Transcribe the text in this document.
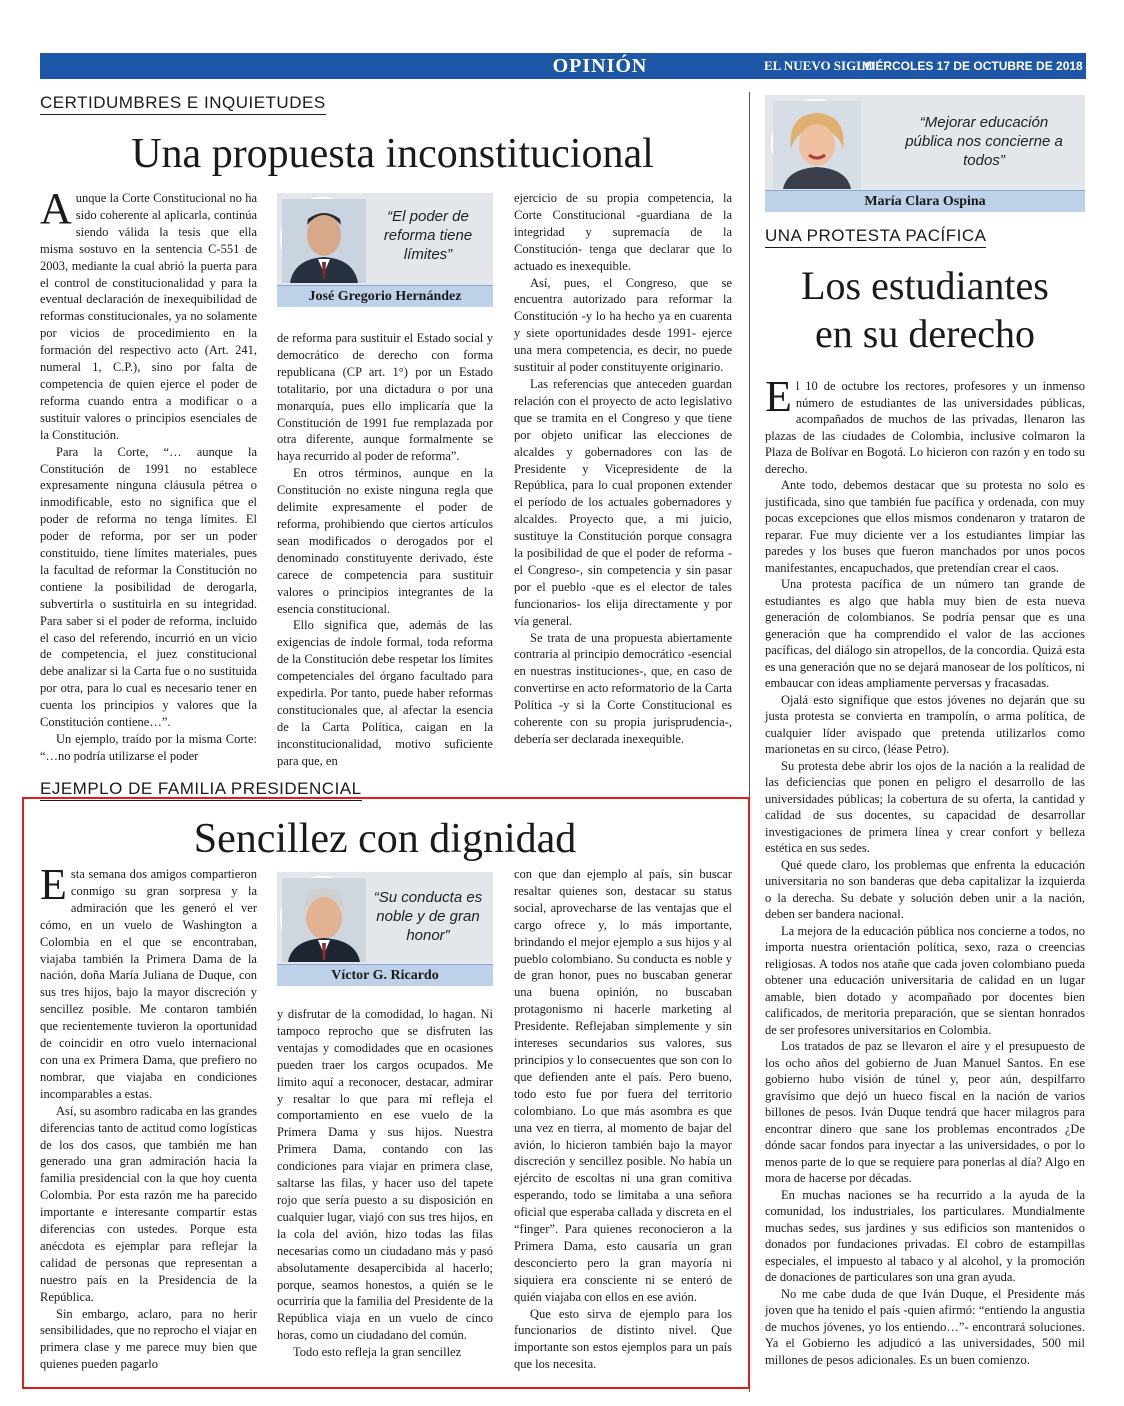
OPINIÓN	EL NUEVO SIGLO
MIÉRCOLES 17 DE OCTUBRE DE 2018 9A
CERTIDUMBRES E INQUIETUDES
Una propuesta inconstitucional

Aunque la Corte Constitucional no ha sido coherente al aplicarla, continúa siendo válida la tesis que ella misma sostuvo en la sentencia C-551 de 2003, mediante la cual abrió la puerta para el control de constitucionalidad y para la eventual declaración de inexequibilidad de reformas constitucionales, ya no solamente por vicios de procedimiento en la formación del respectivo acto (Art. 241, numeral 1, C.P.), sino por falta de competencia de quien ejerce el poder de reforma cuando entra a modificar o a sustituir valores o principios esenciales de la Constitución.

Para la Corte, “… aunque la Constitución de 1991 no establece expresamente ninguna cláusula pétrea o inmodificable, esto no significa que el poder de reforma no tenga límites. El poder de reforma, por ser un poder constituido, tiene límites materiales, pues la facultad de reformar la Constitución no contiene la posibilidad de derogarla, subvertirla o sustituirla en su integridad. Para saber si el poder de reforma, incluido el caso del referendo, incurrió en un vicio de competencia, el juez constitucional debe analizar si la Carta fue o no sustituida por otra, para lo cual es necesario tener en cuenta los principios y valores que la Constitución contiene…”.

Un ejemplo, traído por la misma Corte: “…no podría utilizarse el poder

“El poder de reforma tiene límites”
José Gregorio Hernández

de reforma para sustituir el Estado social y democrático de derecho con forma republicana (CP art. 1°) por un Estado totalitario, por una dictadura o por una monarquía, pues ello implicaría que la Constitución de 1991 fue remplazada por otra diferente, aunque formalmente se haya recurrido al poder de reforma”.

En otros términos, aunque en la Constitución no existe ninguna regla que delimite expresamente el poder de reforma, prohibiendo que ciertos artículos sean modificados o derogados por el denominado constituyente derivado, éste carece de competencia para sustituir valores o principios integrantes de la esencia constitucional.

Ello significa que, además de las exigencias de índole formal, toda reforma de la Constitución debe respetar los límites competenciales del órgano facultado para expedirla. Por tanto, puede haber reformas constitucionales que, al afectar la esencia de la Carta Política, caigan en la inconstitucionalidad, motivo suficiente para que, en

ejercicio de su propia competencia, la Corte Constitucional -guardiana de la integridad y supremacía de la Constitución- tenga que declarar que lo actuado es inexequible.

Así, pues, el Congreso, que se encuentra autorizado para reformar la Constitución -y lo ha hecho ya en cuarenta y siete oportunidades desde 1991- ejerce una mera competencia, es decir, no puede sustituir al poder constituyente originario.

Las referencias que anteceden guardan relación con el proyecto de acto legislativo que se tramita en el Congreso y que tiene por objeto unificar las elecciones de alcaldes y gobernadores con las de Presidente y Vicepresidente de la República, para lo cual proponen extender el período de los actuales gobernadores y alcaldes. Proyecto que, a mi juicio, sustituye la Constitución porque consagra la posibilidad de que el poder de reforma -el Congreso-, sin competencia y sin pasar por el pueblo -que es el elector de tales funcionarios- los elija directamente y por vía general.

Se trata de una propuesta abiertamente contraria al principio democrático -esencial en nuestras instituciones-, que, en caso de convertirse en acto reformatorio de la Carta Política -y si la Corte Constitucional es coherente con su propia jurisprudencia-, debería ser declarada inexequible.

“Mejorar educación pública nos concierne a todos”
María Clara Ospina
UNA PROTESTA PACÍFICA
Los estudiantes
en su derecho

El 10 de octubre los rectores, profesores y un inmenso número de estudiantes de las universidades públicas, acompañados de muchos de las privadas, llenaron las plazas de las ciudades de Colombia, inclusive colmaron la Plaza de Bolívar en Bogotá. Lo hicieron con razón y en todo su derecho.

Ante todo, debemos destacar que su protesta no solo es justificada, sino que también fue pacífica y ordenada, con muy pocas excepciones que ellos mismos condenaron y trataron de reparar. Fue muy diciente ver a los estudiantes limpiar las paredes y los buses que fueron manchados por unos pocos manifestantes, encapuchados, que pretendían crear el caos.

Una protesta pacífica de un número tan grande de estudiantes es algo que habla muy bien de esta nueva generación de colombianos. Se podría pensar que es una generación que ha comprendido el valor de las acciones pacíficas, del diálogo sin atropellos, de la concordia. Quizá esta es una generación que no se dejará manosear de los políticos, ni embaucar con ideas ampliamente perversas y fracasadas.

Ojalá esto signifique que estos jóvenes no dejarán que su justa protesta se convierta en trampolín, o arma política, de cualquier líder avispado que pretenda utilizarlos como marionetas en su circo, (léase Petro).

Su protesta debe abrir los ojos de la nación a la realidad de las deficiencias que ponen en peligro el desarrollo de las universidades públicas; la cobertura de su oferta, la cantidad y calidad de sus docentes, su capacidad de desarrollar investigaciones de primera línea y crear confort y belleza estética en sus sedes.

Qué quede claro, los problemas que enfrenta la educación universitaria no son banderas que deba capitalizar la izquierda o la derecha. Su debate y solución deben unir a la nación, deben ser bandera nacional.

La mejora de la educación pública nos concierne a todos, no importa nuestra orientación política, sexo, raza o creencias religiosas. A todos nos atañe que cada joven colombiano pueda obtener una educación universitaria de calidad en un lugar amable, bien dotado y acompañado por docentes bien calificados, de meritoria preparación, que se sientan honrados de ser profesores universitarios en Colombia.

Los tratados de paz se llevaron el aire y el presupuesto de los ocho años del gobierno de Juan Manuel Santos. En ese gobierno hubo visión de túnel y, peor aún, despilfarro gravísimo que dejó un hueco fiscal en la nación de varios billones de pesos. Iván Duque tendrá que hacer milagros para encontrar dinero que sane los problemas encontrados ¿De dónde sacar fondos para inyectar a las universidades, o por lo menos parte de lo que se requiere para ponerlas al día? Algo en mora de hacerse por décadas.

En muchas naciones se ha recurrido a la ayuda de la comunidad, los industriales, los particulares. Mundialmente muchas sedes, sus jardines y sus edificios son mantenidos o donados por fundaciones privadas. El cobro de estampillas especiales, el impuesto al tabaco y al alcohol, y la promoción de donaciones de particulares son una gran ayuda.

No me cabe duda de que Iván Duque, el Presidente más joven que ha tenido el país -quien afirmó: “entiendo la angustia de muchos jóvenes, yo los entiendo…”- encontrará soluciones. Ya el Gobierno les adjudicó a las universidades, 500 mil millones de pesos adicionales. Es un buen comienzo.

EJEMPLO DE FAMILIA PRESIDENCIAL
Sencillez con dignidad

Esta semana dos amigos compartieron conmigo su gran sorpresa y la admiración que les generó el ver cómo, en un vuelo de Washington a Colombia en el que se encontraban, viajaba también la Primera Dama de la nación, doña María Juliana de Duque, con sus tres hijos, bajo la mayor discreción y sencillez posible. Me contaron también que recientemente tuvieron la oportunidad de coincidir en otro vuelo internacional con una ex Primera Dama, que prefiero no nombrar, que viajaba en condiciones incomparables a estas.

Así, su asombro radicaba en las grandes diferencias tanto de actitud como logísticas de los dos casos, que también me han generado una gran admiración hacia la familia presidencial con la que hoy cuenta Colombia. Por esta razón me ha parecido importante e interesante compartir estas diferencias con ustedes. Porque esta anécdota es ejemplar para reflejar la calidad de personas que representan a nuestro país en la Presidencia de la República.

Sin embargo, aclaro, para no herir sensibilidades, que no reprocho el viajar en primera clase y me parece muy bien que quienes pueden pagarlo

“Su conducta es noble y de gran honor”
Víctor G. Ricardo

y disfrutar de la comodidad, lo hagan. Ni tampoco reprocho que se disfruten las ventajas y comodidades que en ocasiones pueden traer los cargos ocupados. Me limito aquí a reconocer, destacar, admirar y resaltar lo que para mí refleja el comportamiento en ese vuelo de la Primera Dama y sus hijos. Nuestra Primera Dama, contando con las condiciones para viajar en primera clase, saltarse las filas, y hacer uso del tapete rojo que sería puesto a su disposición en cualquier lugar, viajó con sus tres hijos, en la cola del avión, hizo todas las filas necesarias como un ciudadano más y pasó absolutamente desapercibida al hacerlo; porque, seamos honestos, a quién se le ocurriría que la familia del Presidente de la República viaja en un vuelo de cinco horas, como un ciudadano del común.

Todo esto refleja la gran sencillez

con que dan ejemplo al país, sin buscar resaltar quienes son, destacar su status social, aprovecharse de las ventajas que el cargo ofrece y, lo más importante, brindando el mejor ejemplo a sus hijos y al pueblo colombiano. Su conducta es noble y de gran honor, pues no buscaban generar una buena opinión, no buscaban protagonismo ni hacerle marketing al Presidente. Reflejaban simplemente y sin intereses secundarios sus valores, sus principios y lo consecuentes que son con lo que defienden ante el país. Pero bueno, todo esto fue por fuera del territorio colombiano. Lo que más asombra es que una vez en tierra, al momento de bajar del avión, lo hicieron también bajo la mayor discreción y sencillez posible. No había un ejército de escoltas ni una gran comitiva esperando, todo se limitaba a una señora oficial que esperaba callada y discreta en el “finger”. Para quienes reconocieron a la Primera Dama, esto causaría un gran desconcierto pero la gran mayoría ni siquiera era consciente ni se enteró de quién viajaba con ellos en ese avión.

Que esto sirva de ejemplo para los funcionarios de distinto nivel. Que importante son estos ejemplos para un país que los necesita.
